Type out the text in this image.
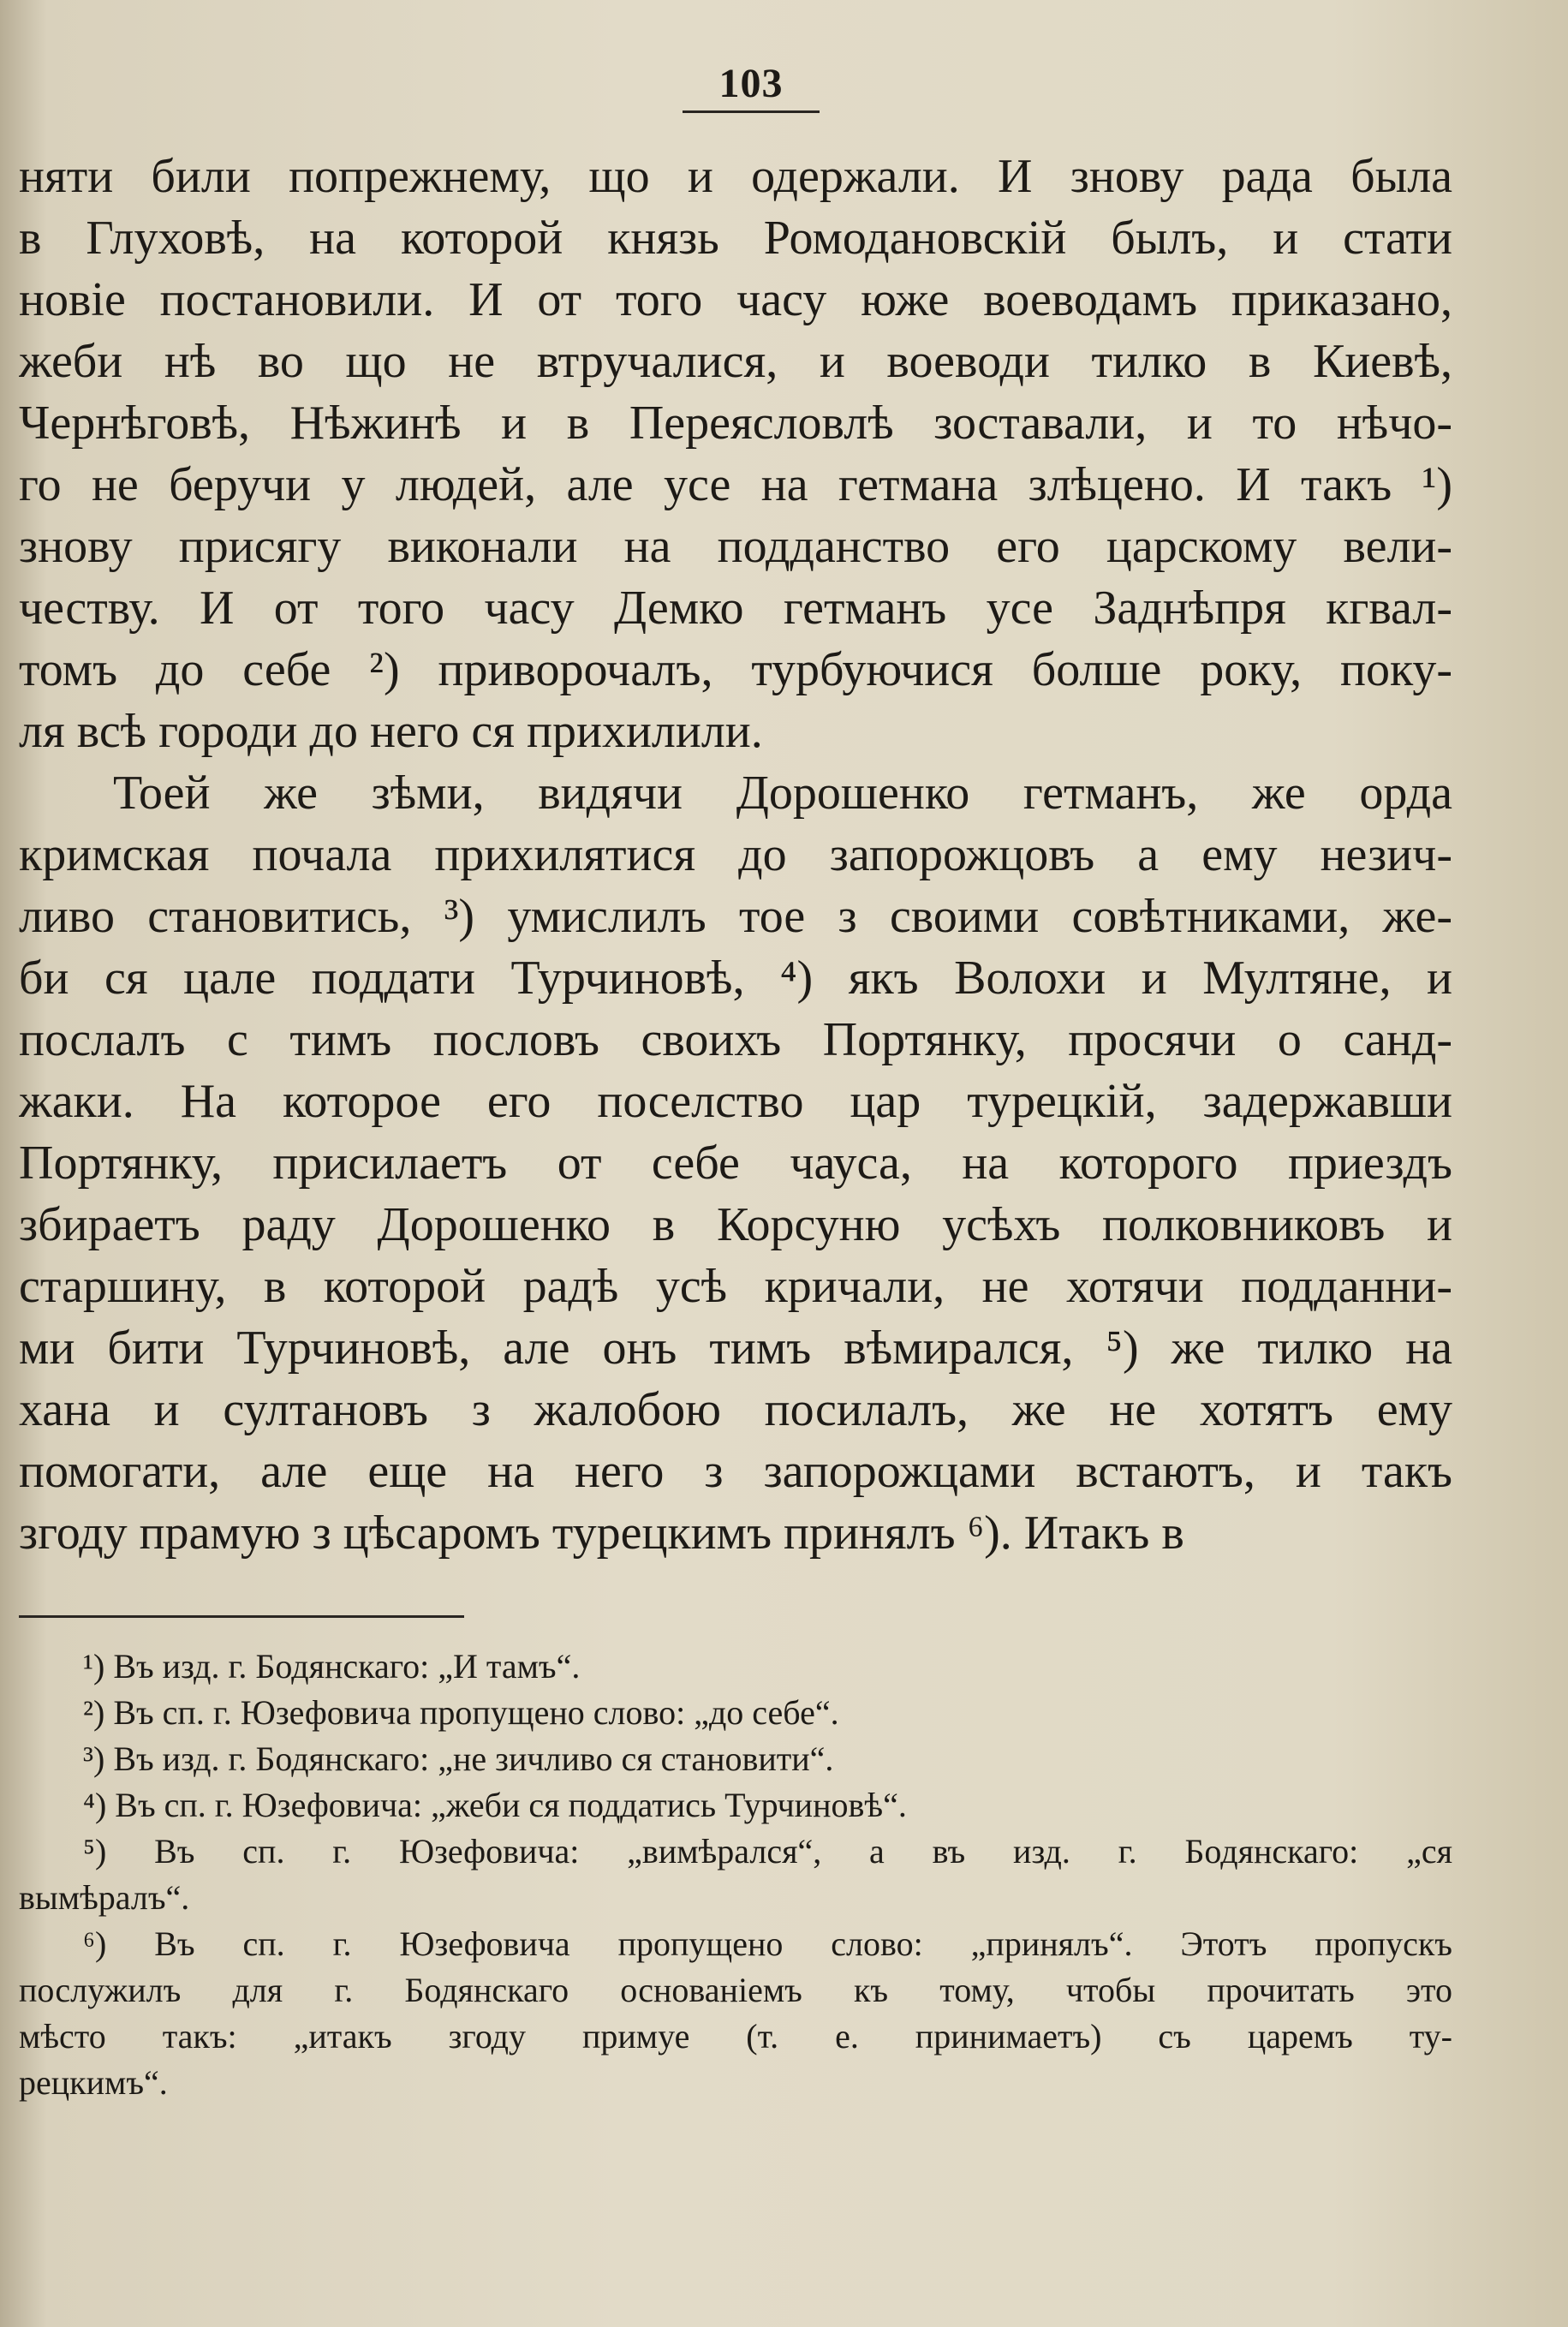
103
няти били попрежнему, що и одержали. И знову рада была
в Глуховѣ, на которой князь Ромодановскій былъ, и стати
новіе постановили. И от того часу юже воеводамъ приказано,
жеби нѣ во що не втручалися, и воеводи тилко в Киевѣ,
Чернѣговѣ, Нѣжинѣ и в Переясловлѣ зоставали, и то нѣчо-
го не беручи у людей, але усе на гетмана злѣцено. И такъ ¹)
знову присягу виконали на подданство его царскому вели-
честву. И от того часу Демко гетманъ усе Заднѣпря кгвал-
томъ до себе ²) приворочалъ, турбуючися болше року, поку-
ля всѣ городи до него ся прихилили.
Тоей же зѣми, видячи Дорошенко гетманъ, же орда
кримская почала прихилятися до запорожцовъ а ему незич-
ливо становитись, ³) умислилъ тое з своими совѣтниками, же-
би ся цале поддати Турчиновѣ, ⁴) якъ Волохи и Мултяне, и
послалъ с тимъ пословъ своихъ Портянку, просячи о санд-
жаки. На которое его поселство цар турецкій, задержавши
Портянку, присилаетъ от себе чауса, на которого приездъ
збираетъ раду Дорошенко в Корсуню усѣхъ полковниковъ и
старшину, в которой радѣ усѣ кричали, не хотячи подданни-
ми бити Турчиновѣ, але онъ тимъ вѣмирался, ⁵) же тилко на
хана и султановъ з жалобою посилалъ, же не хотятъ ему
помогати, але еще на него з запорожцами встаютъ, и такъ
згоду прамую з цѣсаромъ турецкимъ принялъ ⁶). Итакъ в
¹) Въ изд. г. Бодянскаго: „И тамъ“.
²) Въ сп. г. Юзефовича пропущено слово: „до себе“.
³) Въ изд. г. Бодянскаго: „не зичливо ся становити“.
⁴) Въ сп. г. Юзефовича: „жеби ся поддатись Турчиновѣ“.
⁵) Въ сп. г. Юзефовича: „вимѣрался“, а въ изд. г. Бодянскаго: „ся
вымѣралъ“.
⁶) Въ сп. г. Юзефовича пропущено слово: „принялъ“. Этотъ пропускъ
послужилъ для г. Бодянскаго основаніемъ къ тому, чтобы прочитать это
мѣсто такъ: „итакъ згоду примуе (т. е. принимаетъ) съ царемъ ту-
рецкимъ“.
